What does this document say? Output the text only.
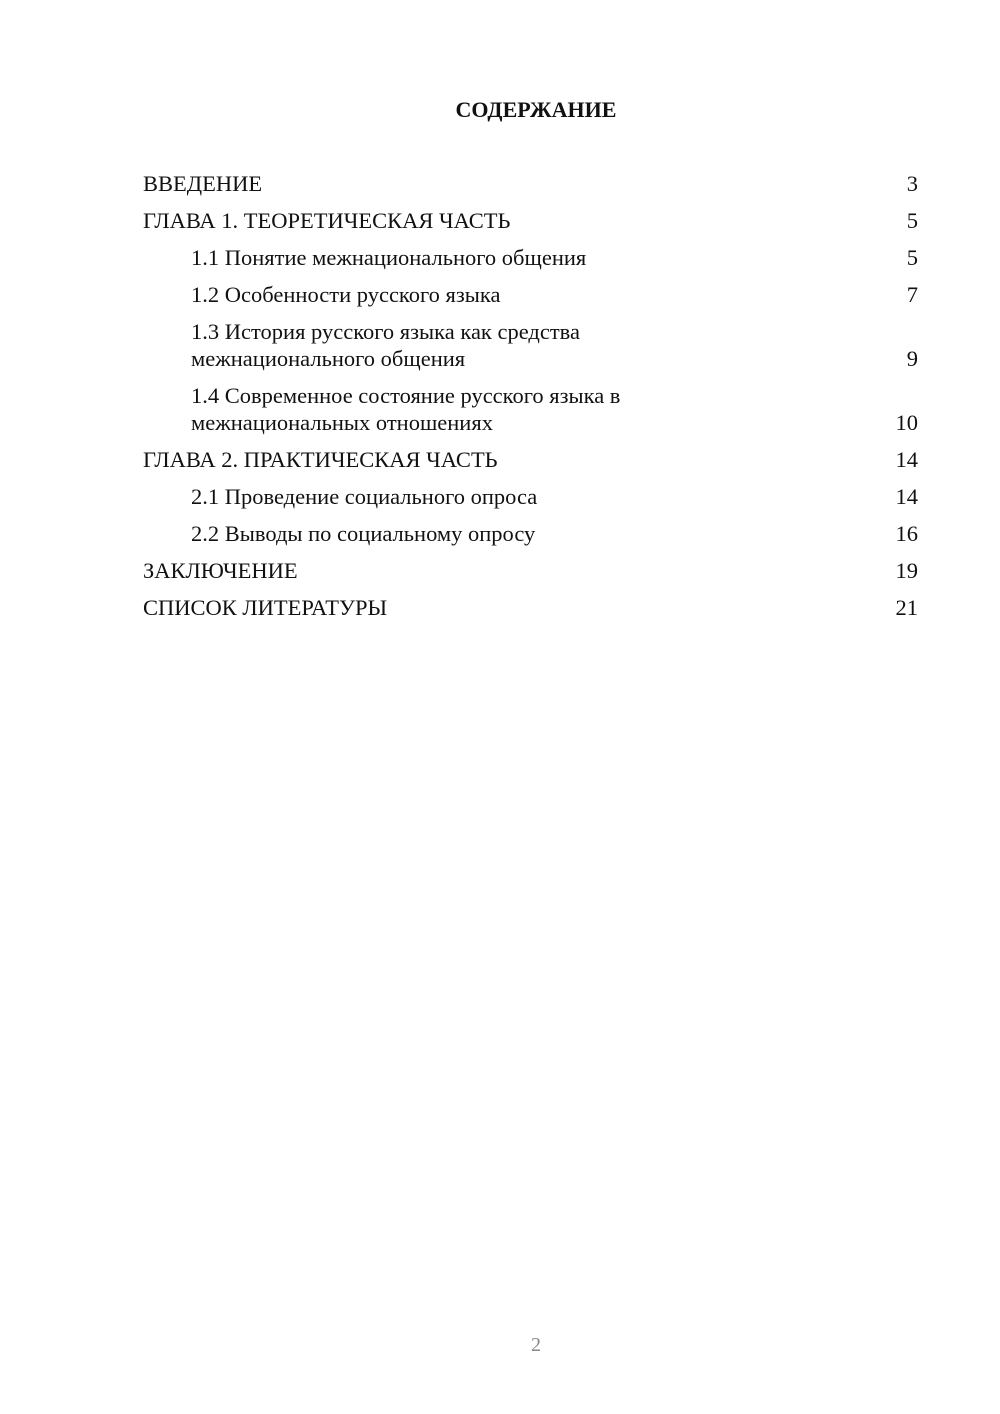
СОДЕРЖАНИЕ
ВВЕДЕНИЕ	3
ГЛАВА 1. ТЕОРЕТИЧЕСКАЯ ЧАСТЬ	5
1.1 Понятие межнационального общения	5
1.2 Особенности русского языка	7
1.3 История русского языка как средства межнационального общения	9
1.4 Современное состояние русского языка в межнациональных отношениях	10
ГЛАВА 2. ПРАКТИЧЕСКАЯ ЧАСТЬ	14
2.1 Проведение социального опроса	14
2.2 Выводы по социальному опросу	16
ЗАКЛЮЧЕНИЕ	19
СПИСОК ЛИТЕРАТУРЫ	21
2
